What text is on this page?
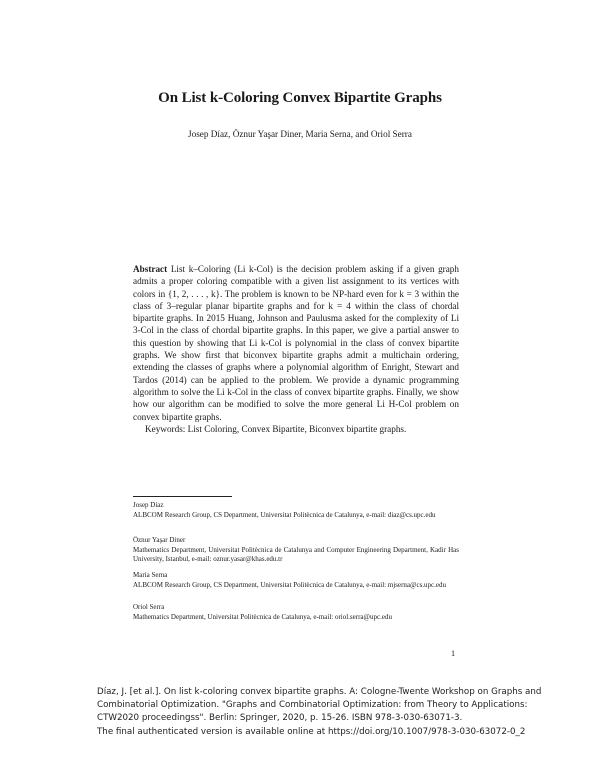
On List k-Coloring Convex Bipartite Graphs
Josep Díaz, Öznur Yaşar Diner, Maria Serna, and Oriol Serra
Abstract List k–Coloring (Li k-Col) is the decision problem asking if a given graph admits a proper coloring compatible with a given list assignment to its vertices with colors in {1, 2, . . . , k}. The problem is known to be NP-hard even for k = 3 within the class of 3–regular planar bipartite graphs and for k = 4 within the class of chordal bipartite graphs. In 2015 Huang, Johnson and Paulusma asked for the complexity of Li 3-Col in the class of chordal bipartite graphs. In this paper, we give a partial answer to this question by showing that Li k-Col is polynomial in the class of convex bipartite graphs. We show first that biconvex bipartite graphs admit a multichain ordering, extending the classes of graphs where a polynomial algorithm of Enright, Stewart and Tardos (2014) can be applied to the problem. We provide a dynamic programming algorithm to solve the Li k-Col in the class of convex bipartite graphs. Finally, we show how our algorithm can be modified to solve the more general Li H-Col problem on convex bipartite graphs.
Keywords: List Coloring, Convex Bipartite, Biconvex bipartite graphs.
Josep Díaz
ALBCOM Research Group, CS Department, Universitat Politècnica de Catalunya, e-mail: diaz@cs.upc.edu
Öznur Yaşar Diner
Mathematics Department, Universitat Politècnica de Catalunya and Computer Engineering Department, Kadir Has University, Istanbul, e-mail: oznur.yasar@khas.edu.tr
Maria Serna
ALBCOM Research Group, CS Department, Universitat Politècnica de Catalunya, e-mail: mjserna@cs.upc.edu
Oriol Serra
Mathematics Department, Universitat Politècnica de Catalunya, e-mail: oriol.serra@upc.edu
1
Díaz, J. [et al.]. On list k-coloring convex bipartite graphs. A: Cologne-Twente Workshop on Graphs and
Combinatorial Optimization. "Graphs and Combinatorial Optimization: from Theory to Applications:
CTW2020 proceedingss". Berlin: Springer, 2020, p. 15-26. ISBN 978-3-030-63071-3.
The final authenticated version is available online at https://doi.org/10.1007/978-3-030-63072-0_2
